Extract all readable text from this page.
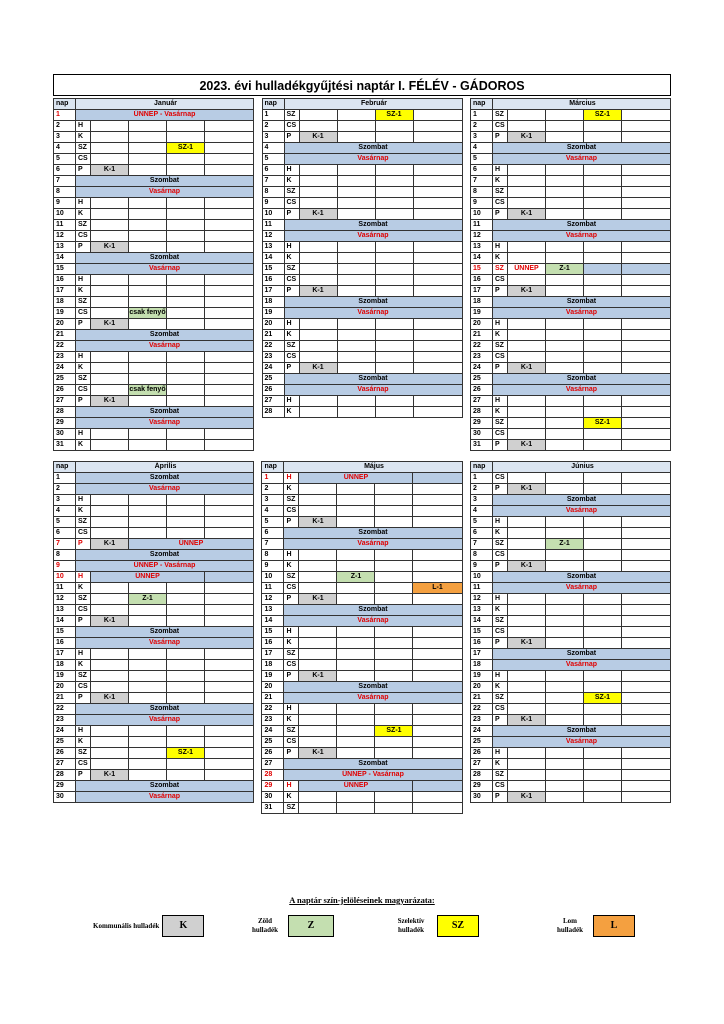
2023. évi hulladékgyűjtési naptár I. FÉLÉV - GÁDOROS
nap	Január				
1	ÜNNEP - Vasárnap				
2	H				
3	K				
4	SZ			SZ-1	
5	CS				
6	P	K-1			
7	Szombat				
8	Vasárnap				
9	H				
10	K				
11	SZ				
12	CS				
13	P	K-1			
14	Szombat				
15	Vasárnap				
16	H				
17	K				
18	SZ				
19	CS		csak fenyő		
20	P	K-1			
21	Szombat				
22	Vasárnap				
23	H				
24	K				
25	SZ				
26	CS		csak fenyő		
27	P	K-1			
28	Szombat				
29	Vasárnap				
30	H				
31	K				
nap	Február				
1	SZ			SZ-1	
2	CS				
3	P	K-1			
4	Szombat				
5	Vasárnap				
6	H				
7	K				
8	SZ				
9	CS				
10	P	K-1			
11	Szombat				
12	Vasárnap				
13	H				
14	K				
15	SZ				
16	CS				
17	P	K-1			
18	Szombat				
19	Vasárnap				
20	H				
21	K				
22	SZ				
23	CS				
24	P	K-1			
25	Szombat				
26	Vasárnap				
27	H				
28	K				
nap	Március				
1	SZ			SZ-1	
2	CS				
3	P	K-1			
4	Szombat				
5	Vasárnap				
6	H				
7	K				
8	SZ				
9	CS				
10	P	K-1			
11	Szombat				
12	Vasárnap				
13	H				
14	K				
15	SZ	ÜNNEP	Z-1		
16	CS				
17	P	K-1			
18	Szombat				
19	Vasárnap				
20	H				
21	K				
22	SZ				
23	CS				
24	P	K-1			
25	Szombat				
26	Vasárnap				
27	H				
28	K				
29	SZ			SZ-1	
30	CS				
31	P	K-1			
nap	Április				
1	Szombat				
2	Vasárnap				
3	H				
4	K				
5	SZ				
6	CS				
7	P	K-1	ÜNNEP		
8	Szombat				
9	ÜNNEP - Vasárnap				
10	H	ÜNNEP			
11	K				
12	SZ		Z-1		
13	CS				
14	P	K-1			
15	Szombat				
16	Vasárnap				
17	H				
18	K				
19	SZ				
20	CS				
21	P	K-1			
22	Szombat				
23	Vasárnap				
24	H				
25	K				
26	SZ			SZ-1	
27	CS				
28	P	K-1			
29	Szombat				
30	Vasárnap				
nap	Május				
1	H	ÜNNEP			
2	K				
3	SZ				
4	CS				
5	P	K-1			
6	Szombat				
7	Vasárnap				
8	H				
9	K				
10	SZ		Z-1		
11	CS				L-1
12	P	K-1			
13	Szombat				
14	Vasárnap				
15	H				
16	K				
17	SZ				
18	CS				
19	P	K-1			
20	Szombat				
21	Vasárnap				
22	H				
23	K				
24	SZ			SZ-1	
25	CS				
26	P	K-1			
27	Szombat				
28	ÜNNEP - Vasárnap				
29	H	ÜNNEP			
30	K				
31	SZ				
nap	Június				
1	CS				
2	P	K-1			
3	Szombat				
4	Vasárnap				
5	H				
6	K				
7	SZ		Z-1		
8	CS				
9	P	K-1			
10	Szombat				
11	Vasárnap				
12	H				
13	K				
14	SZ				
15	CS				
16	P	K-1			
17	Szombat				
18	Vasárnap				
19	H				
20	K				
21	SZ			SZ-1	
22	CS				
23	P	K-1			
24	Szombat				
25	Vasárnap				
26	H				
27	K				
28	SZ				
29	CS				
30	P	K-1			
A naptár szín-jelöléseinek magyarázata:
Kommunális hulladék	K	Zöld hulladék	Z	Szelektív hulladék	SZ	Lom hulladék	L
